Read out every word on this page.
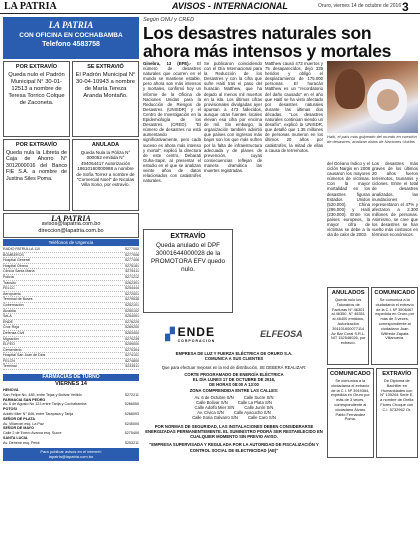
LA PATRIA	AVISOS - INTERNACIONAL	Oruro, viernes 14 de octubre de 2016 3
LA PATRIA
CON OFICINA EN COCHABAMBA
Telefono 4583758
POR EXTRAVÍO

Queda nulo el Padrón Municipal N° 30-01-12513 a nombre de Teresa Torrico Colque de Zaconeta.

SE EXTRAVIÓ

El Padrón Municipal N° 30-04-10943 a nombre de María Tereza Aranda Montaño.

POR EXTRAVÍO

Queda nula la Libreta de Caja de Ahorro N° 3012000016 del Banco FIE S.A. a nombre de Justina Siles Poma.

ANULADA

Queda Nula la Póliza N° 000052 emitida N° 494064417 Autorización 18610160000988 a nombre de Sofía Torrez a nombre de "Comercial Noel" de Nicolas Villa Sono, por extravío.

LA PATRIA
avisos@lapatria.com.bo
direccion@lapatria.com.bo
Teléfonos de Urgencia
RADIO PATRULLA 110	5277000
BOMBEROS	5277006
Hospital General	5277406
Hospital Obrero	5275181
Clínica Santa María	5275411
Policía	5271212
Tránsito	5262301
FELCC	5254444
Aeropuerto	5272001
Terminal de Buses	5279535
Gobernación	5252101
Alcaldía	5250102
SeLA	5254001
ENDE	5276220
Cruz Roja	5269200
Defensa Civil	5263400
Migración	5270239
ELFEO	5259000
Cementerio	5270304
Hospital San Juan de Dios	5274101
FELCN	5274800
Terminal	5233511
FARMACIAS DE TURNO
VIERNES 14
HENOVA
San Felipe No. 485, entre Tejas y Bolivar Vellido	5272211
FARMACIA SAN PEDRO
Av. 6 de Agosto No 123 entre Tarija y Cochabamba	5266050
POTOSI
Adolfo Mier N° 846, entre Tarapacá y Tarija	5268093
SEÑOR DE PLATA
Av. Villarroel esq. La Paz	5245000
SEÑOR DE MAYO
Calle 2 de Enero Avaroa esq. Sucre	5275400
SANTA LUCIA
Av. Dehene esq. Petot	5253211
Para publicar avisos en el internet:
lapatria@lapatria.com.bo
Según ONU y CRED
Los desastres naturales son ahora más intensos y mortales
Ginebra, 13 (EFE).- El número de desastres naturales que ocurren en el mundo se mantiene estable, pero ahora son más intensos y mortales, confirmó hoy un informe de la Oficina de Naciones Unidas para la Reducción de Riesgos de Desastres (UNISDR) y el Centro de Investigación en la Epidemiología de los Desastres (CRED). "El número de desastres no está aumentando significativamente, pero cada suceso es ahora más intenso y mortal", explicó la directora de este centro, Debarati Guha-Sapir, al presentar el estudio en el que se analizan veinte años de datos relacionados con catástrofes naturales.
Se publicaron coincidiendo con el Día Internacional para la Reducción de los Desastres y con la cifra que sufre Haití tras el paso del huracán Matthew, que ha dejado al menos mil muertos en la isla. Los últimos cifras provisionales divulgadas ayer apuntan a 473 fallecidos, aunque otras fuentes locales elevan esa cifra por encima de mil. Sin embargo, la organización también advirtió que países con ingresos más bajos son los que más sufren por la falta de infraestructura adecuada y de planes de prevención, cuyas consecuencias reflejan de manera dramática las muertes registradas.
Matthew causó 473 muertos y 75 desaparecidos, dejó 339 heridos y obligó el desplazamiento de 175.000 personas. El huracán Matthew es un "recordatorio del daño causado" en el año que Haití se ha visto afectado por desastres naturales durante las últimas dos décadas. "Los desastres naturales continúan siendo un desafío", explicó la UNISDR, que detalló que 1.35 millones de personas murieron en los últimos 20 años por catástrofes, la mitad de ellas a causa de terremotos.
Haití, el país más golpeado del mundo en cuestión de desastres, analizan datos de Naciones Unidas
del Océano Índico y el ciclón Nargis en 2008 causaron los mayores números de víctimas. Con la mayor mortalidad en los desastres figuran Estados Unidos (520.000), China (296.000) y Haití (230.000). Entre los países europeos, la mayor cifra de víctimas se debe a la ola de calor de 2003.
Los desastres más graves de los últimos 20 años fueron terremotos, tsunamis y ciclones. Entre el total de desastres analizados, las inundaciones representaron el 47% y afectaron a 2.300 millones de personas. Asimismo, se cree que los desastres se han vuelto más costosos en términos económicos.
EXTRAVÍO

Queda anulado el DPF 30001644000028 de la PROMOTORA EFV quedo nulo.

▞ ENDE
CORPORACION
ELFEOSA
EMPRESA DE LUZ Y FUERZA ELÉCTRICA DE ORURO S.A.
COMUNICA A SUS CLIENTES
Que para efectuar mejoras en la red de distribución, SE DEBERÁ REALIZAR:
CORTE PROGRAMADO DE ENERGÍA ELÉCTRICA
EL DÍA LUNES 17 DE OCTUBRE DE 2016,
DE HORAS 08:00 A 13:00
ZONA COMPRENDIDA ENTRE LAS CALLES:
Av. 6 de Octubre S/N Calle Sucre S/N
Calle Bolivar S/N Calle La Plata S/N
Calle Adolfo Mier S/N Calle Junín S/N
Av. Cívica S/N Calle Ayacucho S/N
Calle Soria Galvarro S/N Calle Caro S/N
POR NORMAS DE SEGURIDAD, LAS INSTALACIONES DEBEN CONSIDERARSE ENERGIZADAS PERMANENTEMENTE. EL SUMINISTRO PODRÁ SER RESTABLECIDO EN CUALQUIER MOMENTO SIN PREVIO AVISO.
"EMPRESA SUPERVISADA Y REGULADA POR LA AUTORIDAD DE FISCALIZACIÓN Y CONTROL SOCIAL DE ELECTRICIDAD (AE)"
ANULADOS

Queda nulo los Talonarios de Facturas N° 46301 al 46350, N° 46351 al 46400 emitidos, Autorización 391101600077114 Av Bar Coral S.R.L. NIT 152548026, por extravío.

COMUNICADO

Se comunica a la ciudadanía el extravío de la C.I. Nº 3506467 expedida en Oruro por más de 3 veces, correspondiente al ciudadano Juan Wilfredo Zapata Villanueva.

COMUNICADO

Se comunica a la ciudadanía el extravío de la C.I. Nº 3919364, expedida en Oruro por más de 3 veces, correspondiente al ciudadano Álvaro Pablo Fernández Poma.

EXTRAVÍO

De Diploma de Bachiller en Humanidades con N° 105264 Serie E, a nombre de Orelia Flores Choque con C.I. 5732962 Or.
